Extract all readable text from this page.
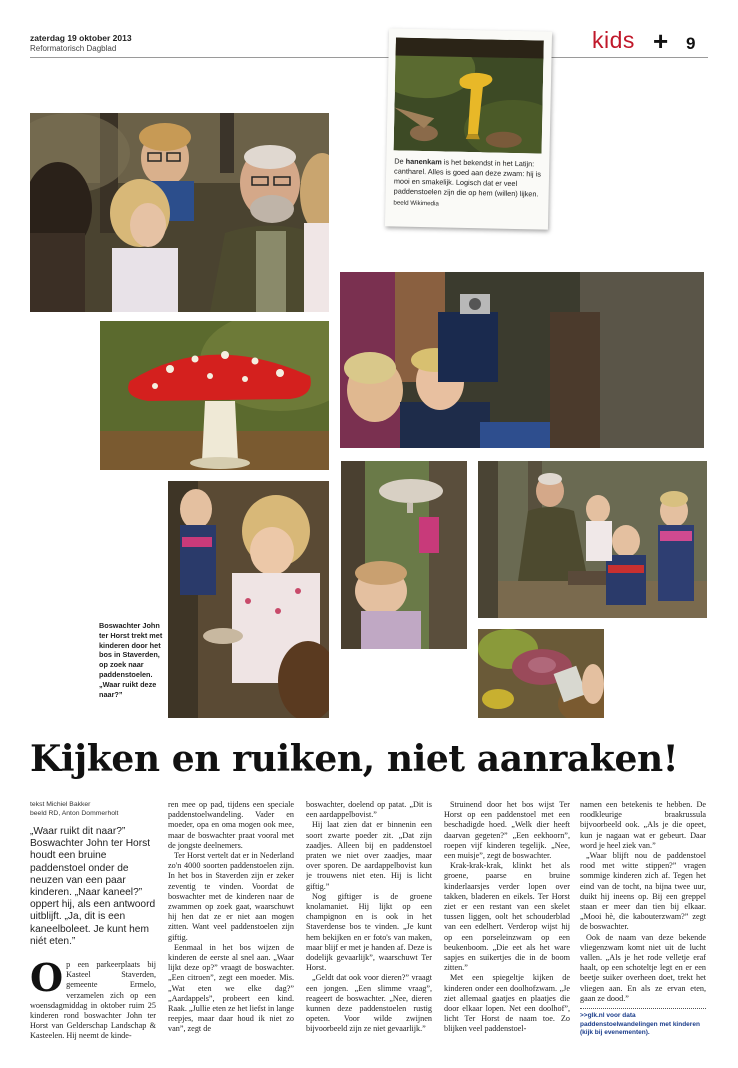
zaterdag 19 oktober 2013
Reformatorisch Dagblad	kids + 9
De hanenkam is het bekendst in het Latijn: cantharel. Alles is goed aan deze zwam: hij is mooi en smakelijk. Logisch dat er veel paddenstoelen zijn die op hem (willen) lijken. beeld Wikimedia
Boswachter John ter Horst trekt met kinderen door het bos in Staverden, op zoek naar paddenstoelen. „Waar ruikt deze naar?”
Kijken en ruiken, niet aanraken!
tekst Michiel Bakker
beeld RD, Anton Dommerholt
„Waar ruikt dit naar?” Boswachter John ter Horst houdt een bruine paddenstoel onder de neuzen van een paar kinderen. „Naar kaneel?” oppert hij, als een antwoord uitblijft. „Ja, dit is een kaneelboleet. Je kunt hem niét eten.”

Op een parkeerplaats bij Kasteel Staverden, gemeente Ermelo, verzamelen zich op een woensdagmiddag in oktober ruim 25 kinderen rond boswachter John ter Horst van Gelderschap Landschap & Kasteelen. Hij neemt de kinde-

ren mee op pad, tijdens een speciale paddenstoelwandeling. Vader en moeder, opa en oma mogen ook mee, maar de boswachter praat vooral met de jongste deelnemers.

Ter Horst vertelt dat er in Nederland zo'n 4000 soorten paddenstoelen zijn. In het bos in Staverden zijn er zeker zeventig te vinden. Voordat de boswachter met de kinderen naar de zwammen op zoek gaat, waarschuwt hij hen dat ze er niet aan mogen zitten. Want veel paddenstoelen zijn giftig.

Eenmaal in het bos wijzen de kinderen de eerste al snel aan. „Waar lijkt deze op?” vraagt de boswachter. „Een citroen”, zegt een moeder. Mis. „Wat eten we elke dag?” „Aardappels”, probeert een kind. Raak. „Jullie eten ze het liefst in lange reepjes, maar daar houd ik niet zo van”, zegt de

boswachter, doelend op patat. „Dit is een aardappelbovist.”

Hij laat zien dat er binnenin een soort zwarte poeder zit. „Dat zijn zaadjes. Alleen bij en paddenstoel praten we niet over zaadjes, maar over sporen. De aardappelbovist kun je trouwens niet eten. Hij is licht giftig.”

Nog giftiger is de groene knolamaniet. Hij lijkt op een champignon en is ook in het Staverdense bos te vinden. „Je kunt hem bekijken en er foto's van maken, maar blijf er met je handen af. Deze is dodelijk gevaarlijk”, waarschuwt Ter Horst.

„Geldt dat ook voor dieren?” vraagt een jongen. „Een slimme vraag”, reageert de boswachter. „Nee, dieren kunnen deze paddenstoelen rustig opeten. Voor wilde zwijnen bijvoorbeeld zijn ze niet gevaarlijk.”

Struinend door het bos wijst Ter Horst op een paddenstoel met een beschadigde hoed. „Welk dier heeft daarvan gegeten?” „Een eekhoorn”, roepen vijf kinderen tegelijk. „Nee, een muisje”, zegt de boswachter.

Krak-krak-krak, klinkt het als groene, paarse en bruine kinderlaarsjes verder lopen over takken, bladeren en eikels. Ter Horst ziet er een restant van een skelet tussen liggen, oolt het schouderblad van een edelhert. Verderop wijst hij op een porseleinzwam op een beukenboom. „Die eet als het ware sapjes en suikertjes die in de boom zitten.”

Met een spiegeltje kijken de kinderen onder een doolhofzwam. „Je ziet allemaal gaatjes en plaatjes die door elkaar lopen. Net een doolhof”, licht Ter Horst de naam toe. Zo blijken veel paddenstoel-

namen een betekenis te hebben. De roodkleurige braakrussula bijvoorbeeld ook. „Als je die opeet, kun je nagaan wat er gebeurt. Daar word je heel ziek van.”

„Waar blijft nou de paddenstoel rood met witte stippen?” vragen sommige kinderen zich af. Tegen het eind van de tocht, na bijna twee uur, duikt hij ineens op. Bij een greppel staan er meer dan tien bij elkaar. „Mooi hè, die kabouterzwam?” zegt de boswachter.

Ook de naam van deze bekende vliegenzwam komt niet uit de lucht vallen. „Als je het rode velletje eraf haalt, op een schoteltje legt en er een beetje suiker overheen doet, trekt het vliegen aan. En als ze ervan eten, gaan ze dood.”

>>glk.nl voor data paddenstoelwandelingen met kinderen (kijk bij evenementen).
